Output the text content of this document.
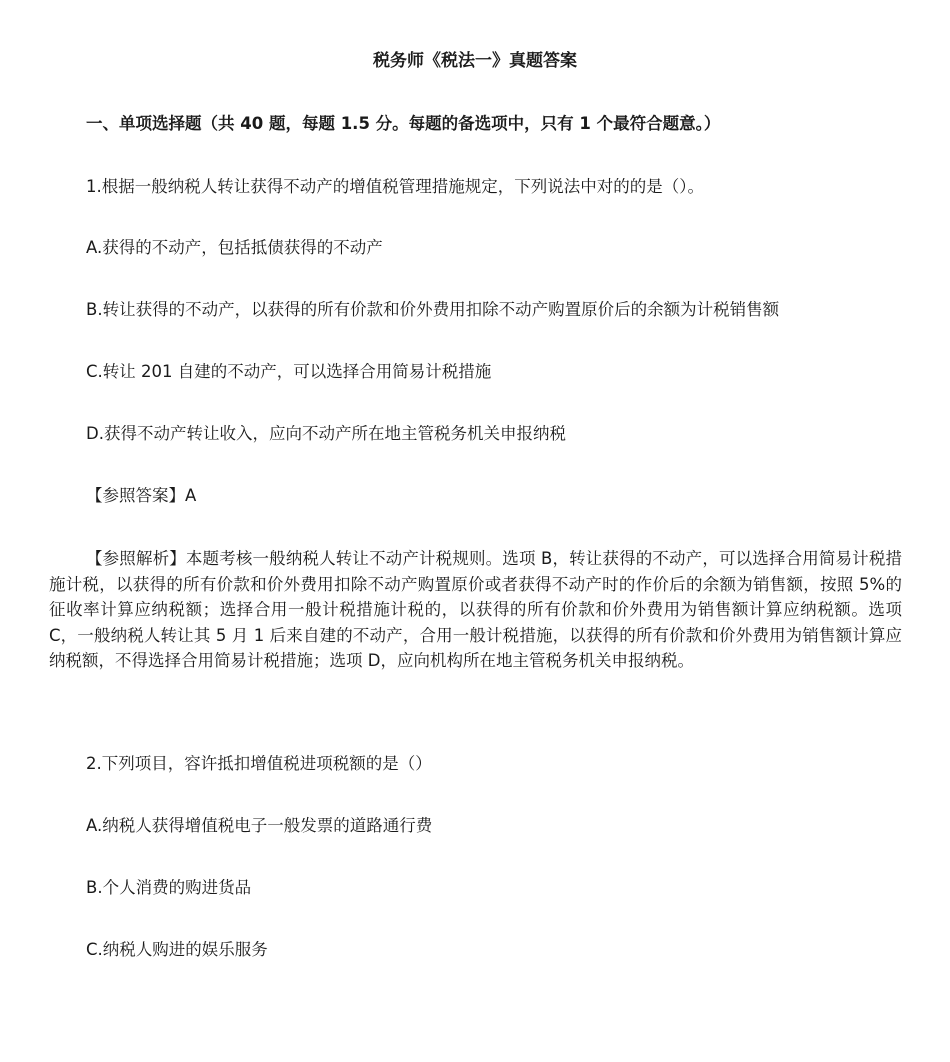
税务师《税法一》真题答案

一、单项选择题（共 40 题，每题 1.5 分。每题的备选项中，只有 1 个最符合题意。）

1.根据一般纳税人转让获得不动产的增值税管理措施规定，下列说法中对的的是（）。

A.获得的不动产，包括抵债获得的不动产

B.转让获得的不动产，以获得的所有价款和价外费用扣除不动产购置原价后的余额为计税销售额

C.转让 201 自建的不动产，可以选择合用简易计税措施

D.获得不动产转让收入，应向不动产所在地主管税务机关申报纳税

【参照答案】A

【参照解析】本题考核一般纳税人转让不动产计税规则。选项 B，转让获得的不动产，可以选择合用简易计税措施计税，以获得的所有价款和价外费用扣除不动产购置原价或者获得不动产时的作价后的余额为销售额，按照 5%的征收率计算应纳税额；选择合用一般计税措施计税的，以获得的所有价款和价外费用为销售额计算应纳税额。选项 C，一般纳税人转让其 5 月 1 后来自建的不动产，合用一般计税措施，以获得的所有价款和价外费用为销售额计算应纳税额，不得选择合用简易计税措施；选项 D，应向机构所在地主管税务机关申报纳税。

2.下列项目，容许抵扣增值税进项税额的是（）

A.纳税人获得增值税电子一般发票的道路通行费

B.个人消费的购进货品

C.纳税人购进的娱乐服务
